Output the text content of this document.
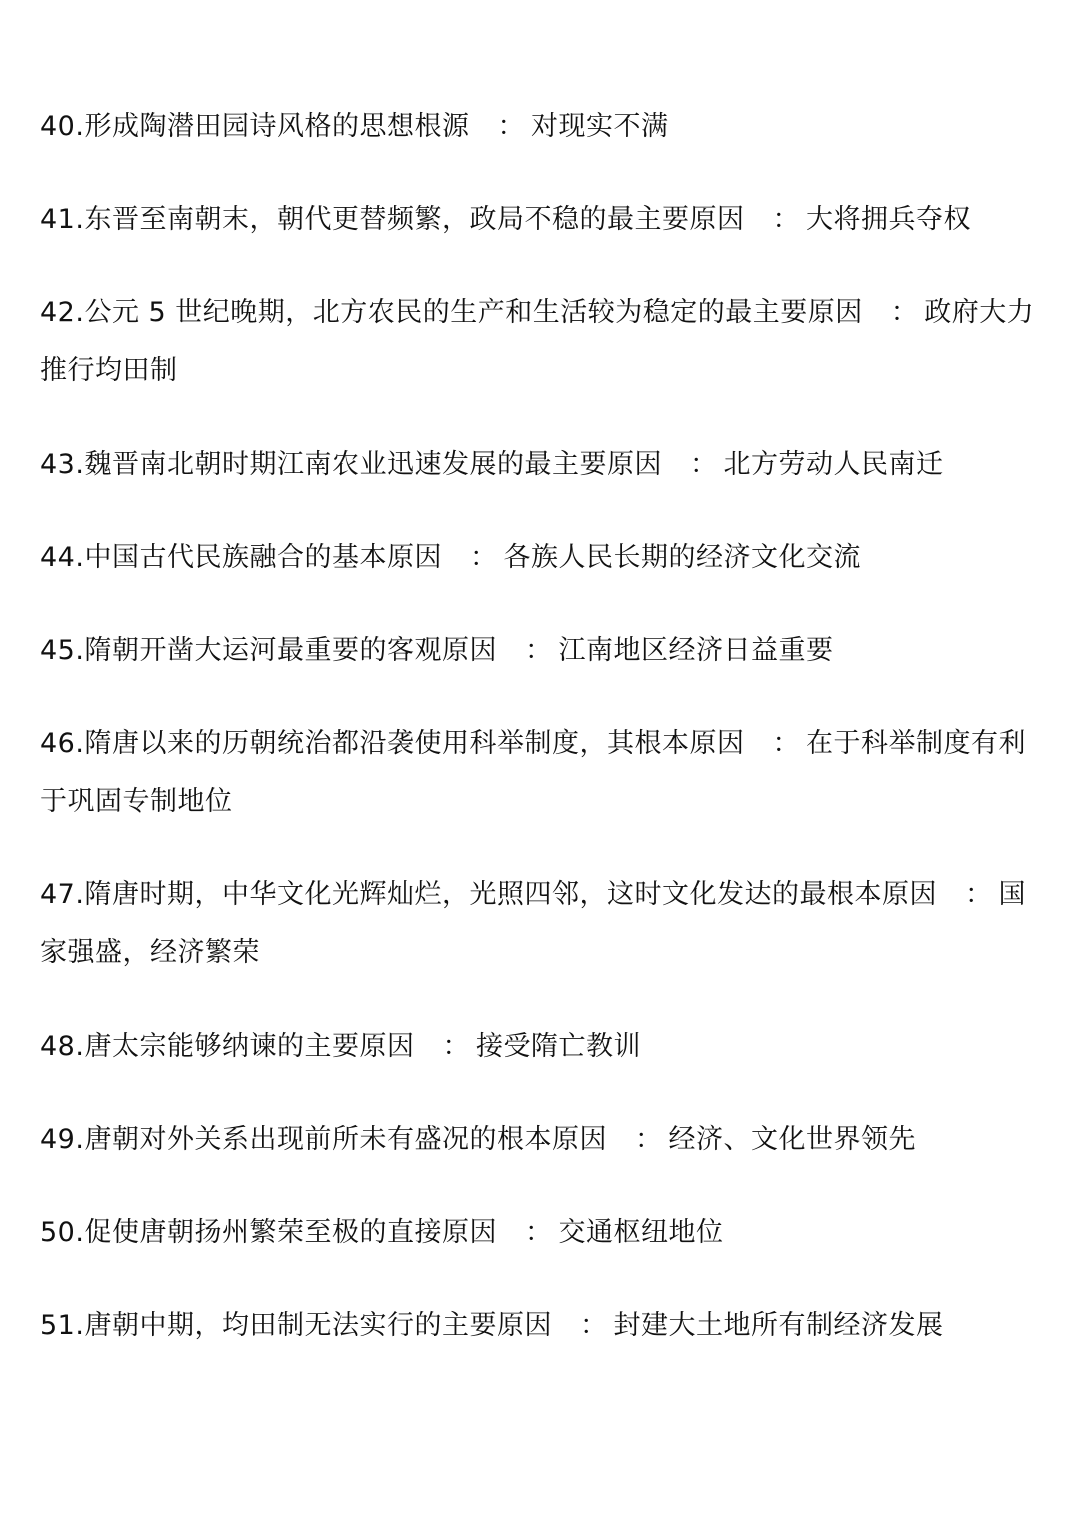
40.形成陶潜田园诗风格的思想根源 ： 对现实不满
41.东晋至南朝末，朝代更替频繁，政局不稳的最主要原因 ： 大将拥兵夺权
42.公元 5 世纪晚期，北方农民的生产和生活较为稳定的最主要原因 ： 政府大力推行均田制
43.魏晋南北朝时期江南农业迅速发展的最主要原因 ： 北方劳动人民南迁
44.中国古代民族融合的基本原因 ： 各族人民长期的经济文化交流
45.隋朝开凿大运河最重要的客观原因 ： 江南地区经济日益重要
46.隋唐以来的历朝统治都沿袭使用科举制度，其根本原因 ： 在于科举制度有利于巩固专制地位
47.隋唐时期，中华文化光辉灿烂，光照四邻，这时文化发达的最根本原因 ： 国家强盛，经济繁荣
48.唐太宗能够纳谏的主要原因 ： 接受隋亡教训
49.唐朝对外关系出现前所未有盛况的根本原因 ： 经济、文化世界领先
50.促使唐朝扬州繁荣至极的直接原因 ： 交通枢纽地位
51.唐朝中期，均田制无法实行的主要原因 ： 封建大土地所有制经济发展
